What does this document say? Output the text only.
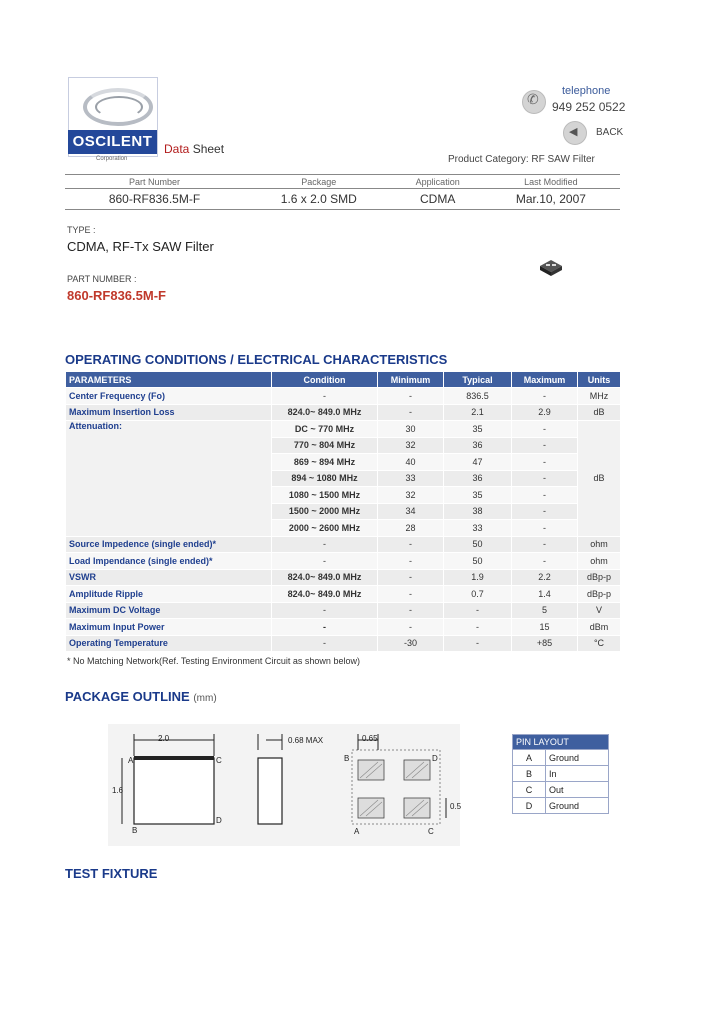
OSCILENT
Corporation
Data Sheet
✆
telephone
949 252 0522
◀
BACK
Product Category: RF SAW Filter
Part Number	Package	Application	Last Modified
860-RF836.5M-F	1.6 x 2.0 SMD	CDMA	Mar.10, 2007
TYPE :
CDMA, RF-Tx SAW Filter
PART NUMBER :
860-RF836.5M-F
OPERATING CONDITIONS / ELECTRICAL CHARACTERISTICS
PARAMETERS	Condition	Minimum	Typical	Maximum	Units
Center Frequency (Fo)	-	-	836.5	-	MHz
Maximum Insertion Loss	824.0~ 849.0 MHz	-	2.1	2.9	dB
Attenuation:	DC ~ 770 MHz	30	35	-	dB
	770 ~ 804 MHz	32	36	-	
	869 ~ 894 MHz	40	47	-	
	894 ~ 1080 MHz	33	36	-	
	1080 ~ 1500 MHz	32	35	-	
	1500 ~ 2000 MHz	34	38	-	
	2000 ~ 2600 MHz	28	33	-	
Source Impedence (single ended)*	-	-	50	-	ohm
Load Impendance (single ended)*	-	-	50	-	ohm
VSWR	824.0~ 849.0 MHz	-	1.9	2.2	dBp-p
Amplitude Ripple	824.0~ 849.0 MHz	-	0.7	1.4	dBp-p
Maximum DC Voltage	-	-	-	5	V
Maximum Input Power	-	-	-	15	dBm
Operating Temperature	-	-30	-	+85	°C
* No Matching Network(Ref. Testing Environment Circuit as shown below)
PACKAGE OUTLINE (mm)
2.0
A	C
B
D
1.6
0.68 MAX	0.65
B	D
A	C
0.5
PIN LAYOUT	
A	Ground
B	In
C	Out
D	Ground
TEST FIXTURE
